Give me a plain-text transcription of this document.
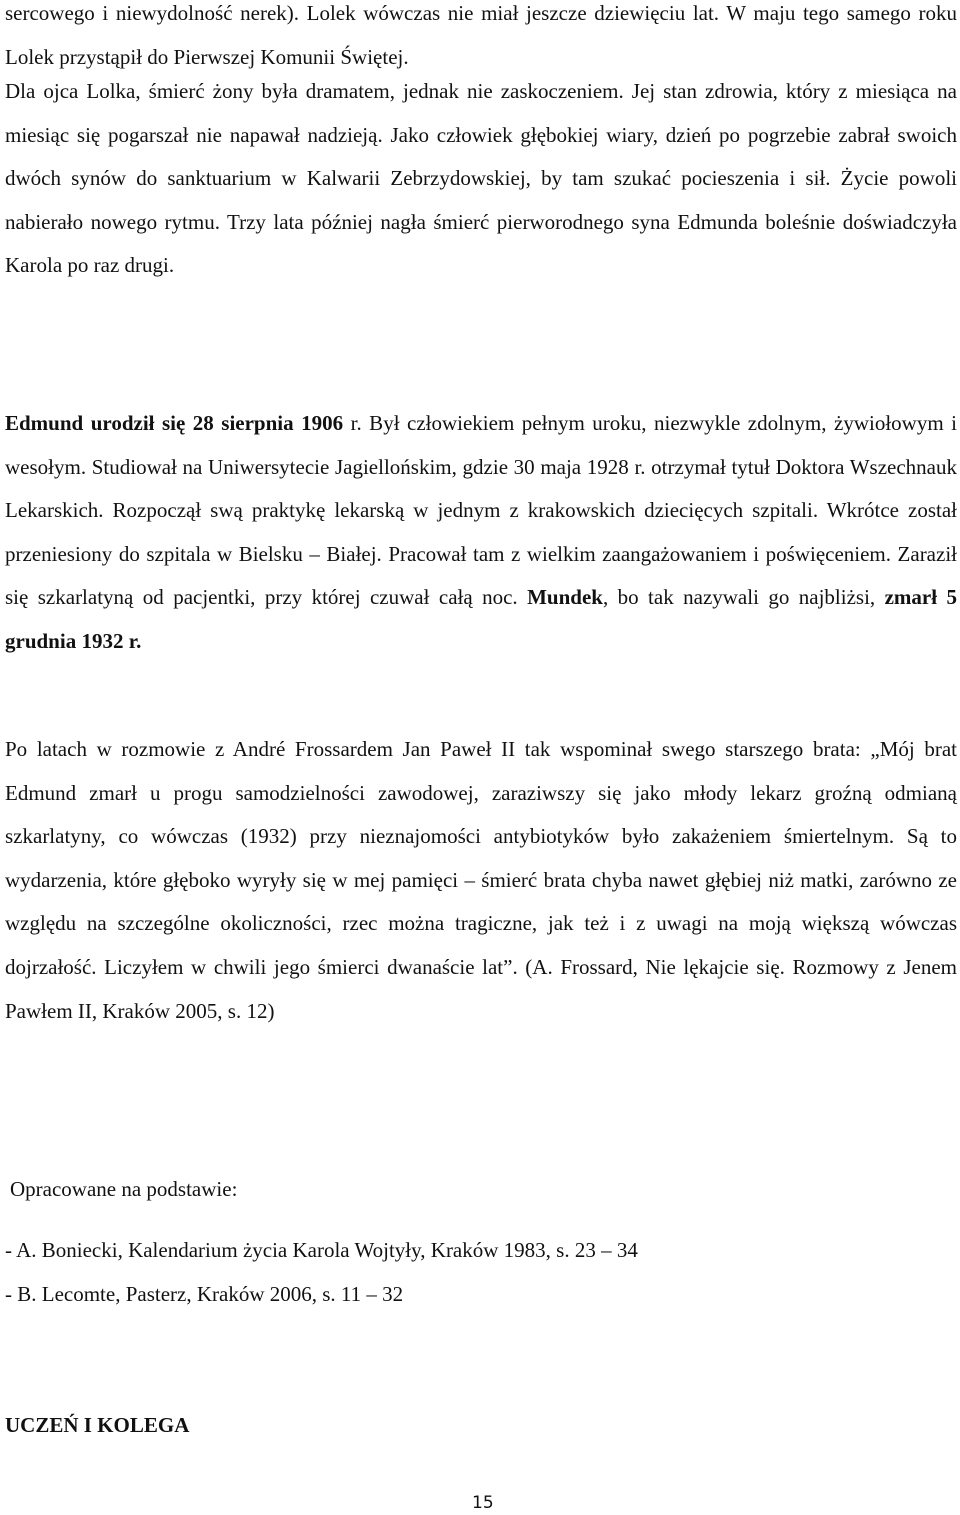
sercowego i niewydolność nerek). Lolek wówczas nie miał jeszcze dziewięciu lat. W maju tego samego roku Lolek przystąpił do Pierwszej Komunii Świętej.

Dla ojca Lolka, śmierć żony była dramatem, jednak nie zaskoczeniem. Jej stan zdrowia, który z miesiąca na miesiąc się pogarszał nie napawał nadzieją. Jako człowiek głębokiej wiary, dzień po pogrzebie zabrał swoich dwóch synów do sanktuarium w Kalwarii Zebrzydowskiej, by tam szukać pocieszenia i sił. Życie powoli nabierało nowego rytmu. Trzy lata później nagła śmierć pierworodnego syna Edmunda boleśnie doświadczyła Karola po raz drugi.

Edmund urodził się 28 sierpnia 1906 r. Był człowiekiem pełnym uroku, niezwykle zdolnym, żywiołowym i wesołym. Studiował na Uniwersytecie Jagiellońskim, gdzie 30 maja 1928 r. otrzymał tytuł Doktora Wszechnauk Lekarskich. Rozpoczął swą praktykę lekarską w jednym z krakowskich dziecięcych szpitali. Wkrótce został przeniesiony do szpitala w Bielsku – Białej. Pracował tam z wielkim zaangażowaniem i poświęceniem. Zaraził się szkarlatyną od pacjentki, przy której czuwał całą noc. Mundek, bo tak nazywali go najbliżsi, zmarł 5 grudnia 1932 r.

Po latach w rozmowie z André Frossardem Jan Paweł II tak wspominał swego starszego brata: „Mój brat Edmund zmarł u progu samodzielności zawodowej, zaraziwszy się jako młody lekarz groźną odmianą szkarlatyny, co wówczas (1932) przy nieznajomości antybiotyków było zakażeniem śmiertelnym. Są to wydarzenia, które głęboko wyryły się w mej pamięci – śmierć brata chyba nawet głębiej niż matki, zarówno ze względu na szczególne okoliczności, rzec można tragiczne, jak też i z uwagi na moją większą wówczas dojrzałość. Liczyłem w chwili jego śmierci dwanaście lat”. (A. Frossard, Nie lękajcie się. Rozmowy z Jenem Pawłem II, Kraków 2005, s. 12)

Opracowane na podstawie:

- A. Boniecki, Kalendarium życia Karola Wojtyły, Kraków 1983, s. 23 – 34

- B. Lecomte, Pasterz, Kraków 2006, s. 11 – 32

UCZEŃ I KOLEGA

15
